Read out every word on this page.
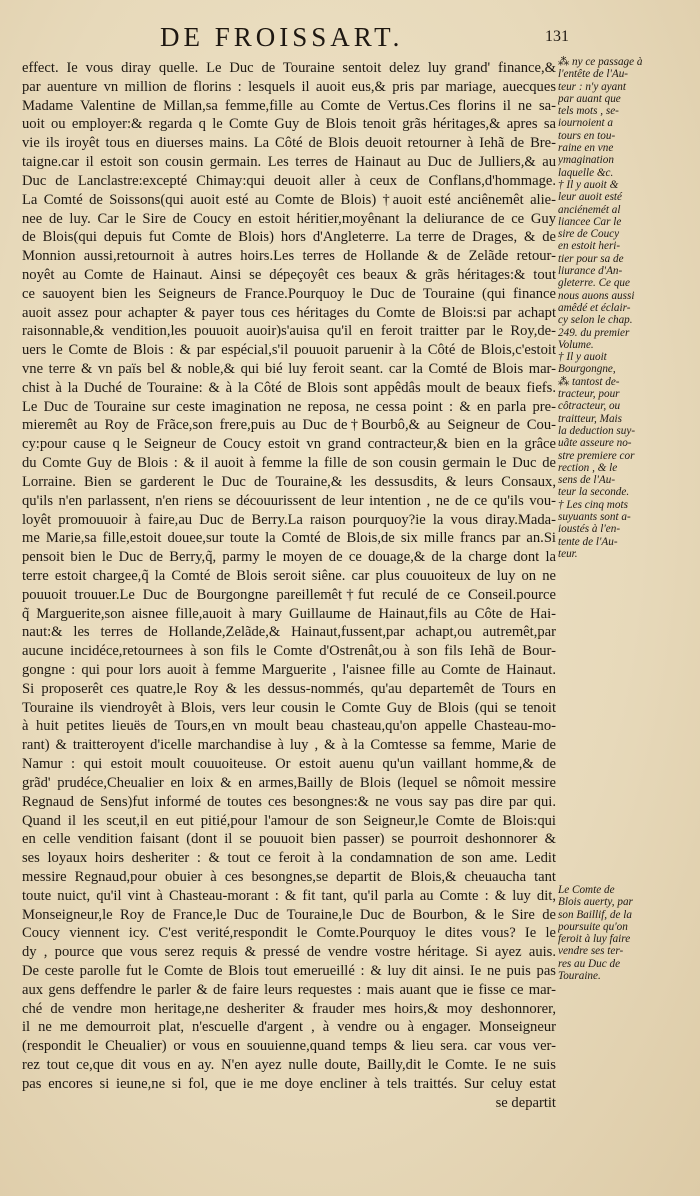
DE FROISSART.	131
effect. Ie vous diray quelle. Le Duc de Touraine sentoit delez luy grand' finance,&
par auenture vn million de florins : lesquels il auoit eus,& pris par mariage, auecques
Madame Valentine de Millan,sa femme,fille au Comte de Vertus.Ces florins il ne sa-
uoit ou employer:& regarda q le Comte Guy de Blois tenoit grãs héritages,& apres sa
vie ils iroyêt tous en diuerses mains. La Côté de Blois deuoit retourner à Iehã de Bre-
taigne.car il estoit son cousin germain. Les terres de Hainaut au Duc de Julliers,& au
Duc de Lanclastre:excepté Chimay:qui deuoit aller à ceux de Conflans,d'hommage.
La Comté de Soissons(qui auoit esté au Comte de Blois) †auoit esté anciênemêt alie-
nee de luy. Car le Sire de Coucy en estoit héritier,moyênant la deliurance de ce Guy
de Blois(qui depuis fut Comte de Blois) hors d'Angleterre. La terre de Drages, & de
Monnion aussi,retournoit à autres hoirs.Les terres de Hollande & de Zelãde retour-
noyêt au Comte de Hainaut. Ainsi se dépeçoyêt ces beaux & grãs héritages:& tout
ce sauoyent bien les Seigneurs de France.Pourquoy le Duc de Touraine (qui finance
auoit assez pour achapter & payer tous ces héritages du Comte de Blois:si par achapt
raisonnable,& vendition,les pouuoit auoir)s'auisa qu'il en feroit traitter par le Roy,de-
uers le Comte de Blois : & par espécial,s'il pouuoit paruenir à la Côté de Blois,c'estoit
vne terre & vn païs bel & noble,& qui bié luy feroit seant. car la Comté de Blois mar-
chist à la Duché de Touraine: & à la Côté de Blois sont appêdâs moult de beaux fiefs.
Le Duc de Touraine sur ceste imagination ne reposa, ne cessa point : & en parla pre-
mieremêt au Roy de Frãce,son frere,puis au Duc de†Bourbô,& au Seigneur de Cou-
cy:pour cause q le Seigneur de Coucy estoit vn grand contracteur,& bien en la grâce
du Comte Guy de Blois : & il auoit à femme la fille de son cousin germain le Duc de
Lorraine. Bien se garderent le Duc de Touraine,& les dessusdits, & leurs Consaux,
qu'ils n'en parlassent, n'en riens se découurissent de leur intention , ne de ce qu'ils vou-
loyêt promouuoir à faire,au Duc de Berry.La raison pourquoy?ie la vous diray.Mada-
me Marie,sa fille,estoit douee,sur toute la Comté de Blois,de six mille francs par an.Si
pensoit bien le Duc de Berry,q̃, parmy le moyen de ce douage,& de la charge dont la
terre estoit chargee,q̃ la Comté de Blois seroit siêne. car plus couuoiteux de luy on ne
pouuoit trouuer.Le Duc de Bourgongne pareillemêt†fut reculé de ce Conseil.pource
q̃ Marguerite,son aisnee fille,auoit à mary Guillaume de Hainaut,fils au Côte de Hai-
naut:& les terres de Hollande,Zelãde,& Hainaut,fussent,par achapt,ou autremêt,par
aucune incidéce,retournees à son fils le Comte d'Ostrenât,ou à son fils Iehã de Bour-
gongne : qui pour lors auoit à femme Marguerite , l'aisnee fille au Comte de Hainaut.
Si proposerêt ces quatre,le Roy & les dessus-nommés, qu'au departemêt de Tours en
Touraine ils viendroyêt à Blois, vers leur cousin le Comte Guy de Blois (qui se tenoit
à huit petites lieuës de Tours,en vn moult beau chasteau,qu'on appelle Chasteau-mo-
rant) & traitteroyent d'icelle marchandise à luy , & à la Comtesse sa femme, Marie de
Namur : qui estoit moult couuoiteuse. Or estoit auenu qu'un vaillant homme,& de
grãd' prudéce,Cheualier en loix & en armes,Bailly de Blois (lequel se nômoit messire
Regnaud de Sens)fut informé de toutes ces besongnes:& ne vous say pas dire par qui.
Quand il les sceut,il en eut pitié,pour l'amour de son Seigneur,le Comte de Blois:qui
en celle vendition faisant (dont il se pouuoit bien passer) se pourroit deshonnorer &
ses loyaux hoirs desheriter : & tout ce feroit à la condamnation de son ame. Ledit
messire Regnaud,pour obuier à ces besongnes,se departit de Blois,& cheuaucha tant
toute nuict, qu'il vint à Chasteau-morant : & fit tant, qu'il parla au Comte : & luy dit,
Monseigneur,le Roy de France,le Duc de Touraine,le Duc de Bourbon, & le Sire de
Coucy viennent icy. C'est verité,respondit le Comte.Pourquoy le dites vous? Ie le
dy , pource que vous serez requis & pressé de vendre vostre héritage. Si ayez auis.
De ceste parolle fut le Comte de Blois tout emerueillé : & luy dit ainsi. Ie ne puis pas
aux gens deffendre le parler & de faire leurs requestes : mais auant que ie fisse ce mar-
ché de vendre mon heritage,ne desheriter & frauder mes hoirs,& moy deshonnorer,
il ne me demourroit plat, n'escuelle d'argent , à vendre ou à engager. Monseigneur
(respondit le Cheualier) or vous en souuienne,quand temps & lieu sera. car vous ver-
rez tout ce,que dit vous en ay. N'en ayez nulle doute, Bailly,dit le Comte. Ie ne suis
pas encores si ieune,ne si fol, que ie me doye encliner à tels traittés. Sur celuy estat
se departit
⁂ ny ce passage à
l'entête de l'Au-
teur : n'y ayant
par auant que
tels mots , se-
iournoient a
tours en tou-
raine en vne
ymagination
laquelle &c.
† Il y auoit &
leur auoit esté
anciénemét al
liancee Car le
sire de Coucy
en estoit heri-
tier pour sa de
liurance d'An-
gleterre. Ce que
nous auons aussi
amêdé et éclair-
cy selon le chap.
249. du premier
Volume.
† Il y auoit
Bourgongne,
⁂ tantost de-
tracteur, pour
côtracteur, ou
traitteur, Mais
la deduction suy-
uãte asseure no-
stre premiere cor
rection , & le
sens de l'Au-
teur la seconde.
† Les cinq mots
suyuants sont a-
ioustés à l'en-
tente de l'Au-
teur.
Le Comte de
Blois auerty, par
son Baillif, de la
poursuite qu'on
feroit à luy faire
vendre ses ter-
res au Duc de
Touraine.
